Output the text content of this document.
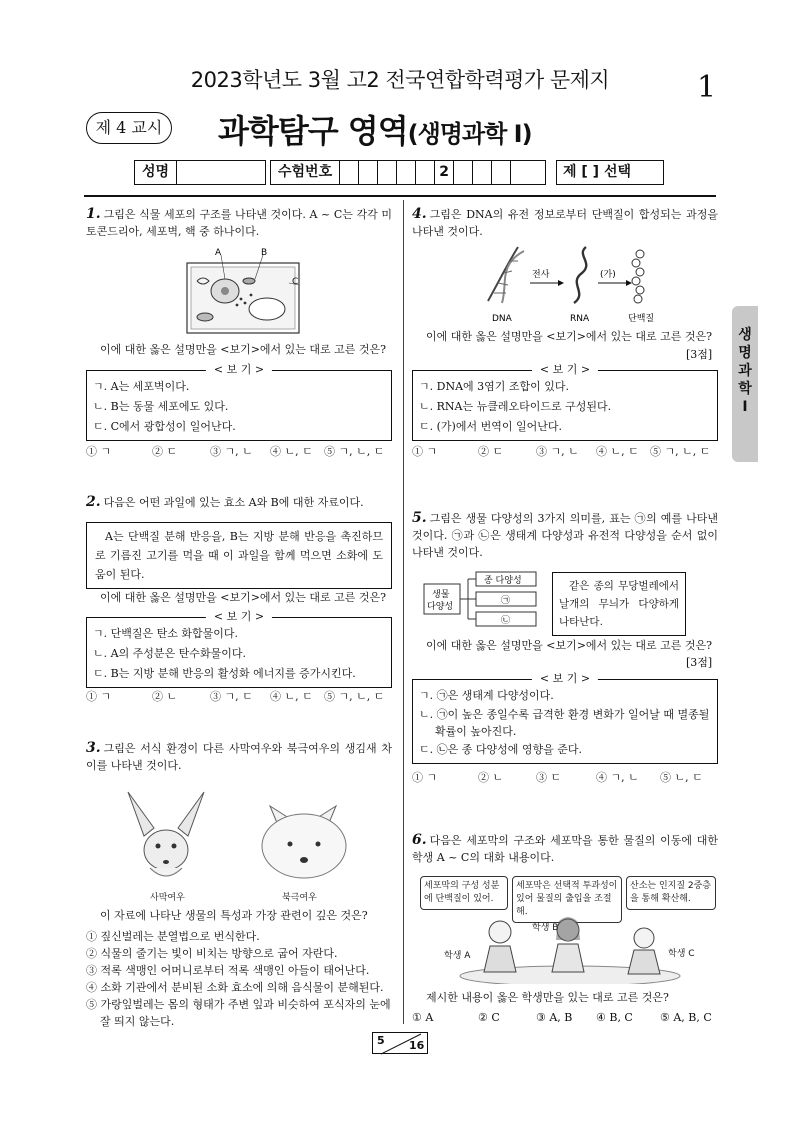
2023학년도 3월 고2 전국연합학력평가 문제지	1
제 4 교시	과학탐구 영역(생명과학 Ⅰ)
성명	수험번호	2	제 [ ] 선택
생
명
과
학
Ⅰ
1. 그림은 식물 세포의 구조를 나타낸 것이다. A ~ C는 각각 미토콘드리아, 세포벽, 핵 중 하나이다.
A	B
C
이에 대한 옳은 설명만을 <보기>에서 있는 대로 고른 것은?
< 보 기 >
ㄱ. A는 세포벽이다.
ㄴ. B는 동물 세포에도 있다.
ㄷ. C에서 광합성이 일어난다.
① ㄱ	② ㄷ	③ ㄱ, ㄴ	④ ㄴ, ㄷ	⑤ ㄱ, ㄴ, ㄷ
2. 다음은 어떤 과일에 있는 효소 A와 B에 대한 자료이다.
A는 단백질 분해 반응을, B는 지방 분해 반응을 촉진하므로 기름진 고기를 먹을 때 이 과일을 함께 먹으면 소화에 도움이 된다.
이에 대한 옳은 설명만을 <보기>에서 있는 대로 고른 것은?
< 보 기 >
ㄱ. 단백질은 탄소 화합물이다.
ㄴ. A의 주성분은 탄수화물이다.
ㄷ. B는 지방 분해 반응의 활성화 에너지를 증가시킨다.
① ㄱ	② ㄴ	③ ㄱ, ㄷ	④ ㄴ, ㄷ	⑤ ㄱ, ㄴ, ㄷ
3. 그림은 서식 환경이 다른 사막여우와 북극여우의 생김새 차이를 나타낸 것이다.
사막여우	북극여우
이 자료에 나타난 생물의 특성과 가장 관련이 깊은 것은?
① 짚신벌레는 분열법으로 번식한다.
② 식물의 줄기는 빛이 비치는 방향으로 굽어 자란다.
③ 적록 색맹인 어머니로부터 적록 색맹인 아들이 태어난다.
④ 소화 기관에서 분비된 소화 효소에 의해 음식물이 분해된다.
⑤ 가랑잎벌레는 몸의 형태가 주변 잎과 비슷하여 포식자의 눈에 잘 띄지 않는다.
4. 그림은 DNA의 유전 정보로부터 단백질이 합성되는 과정을 나타낸 것이다.
전사	(가)
DNA	RNA	단백질
이에 대한 옳은 설명만을 <보기>에서 있는 대로 고른 것은?
[3점]
< 보 기 >
ㄱ. DNA에 3염기 조합이 있다.
ㄴ. RNA는 뉴클레오타이드로 구성된다.
ㄷ. (가)에서 번역이 일어난다.
① ㄱ	② ㄷ	③ ㄱ, ㄴ	④ ㄴ, ㄷ	⑤ ㄱ, ㄴ, ㄷ
5. 그림은 생물 다양성의 3가지 의미를, 표는 ㉠의 예를 나타낸 것이다. ㉠과 ㉡은 생태계 다양성과 유전적 다양성을 순서 없이 나타낸 것이다.
생물
다양성
종 다양성
㉠
㉡
같은 종의 무당벌레에서 날개의 무늬가 다양하게 나타난다.
이에 대한 옳은 설명만을 <보기>에서 있는 대로 고른 것은?
[3점]
< 보 기 >
ㄱ. ㉠은 생태계 다양성이다.
ㄴ. ㉠이 높은 종일수록 급격한 환경 변화가 일어날 때 멸종될 확률이 높아진다.
ㄷ. ㉡은 종 다양성에 영향을 준다.
① ㄱ	② ㄴ	③ ㄷ	④ ㄱ, ㄴ	⑤ ㄴ, ㄷ
6. 다음은 세포막의 구조와 세포막을 통한 물질의 이동에 대한 학생 A ~ C의 대화 내용이다.
세포막의 구성 성분에 단백질이 있어.
세포막은 선택적 투과성이 있어 물질의 출입을 조절해.
산소는 인지질 2중층을 통해 확산해.
학생 B
학생 A	학생 C
제시한 내용이 옳은 학생만을 있는 대로 고른 것은?
① A	② C	③ A, B	④ B, C	⑤ A, B, C
5 16
